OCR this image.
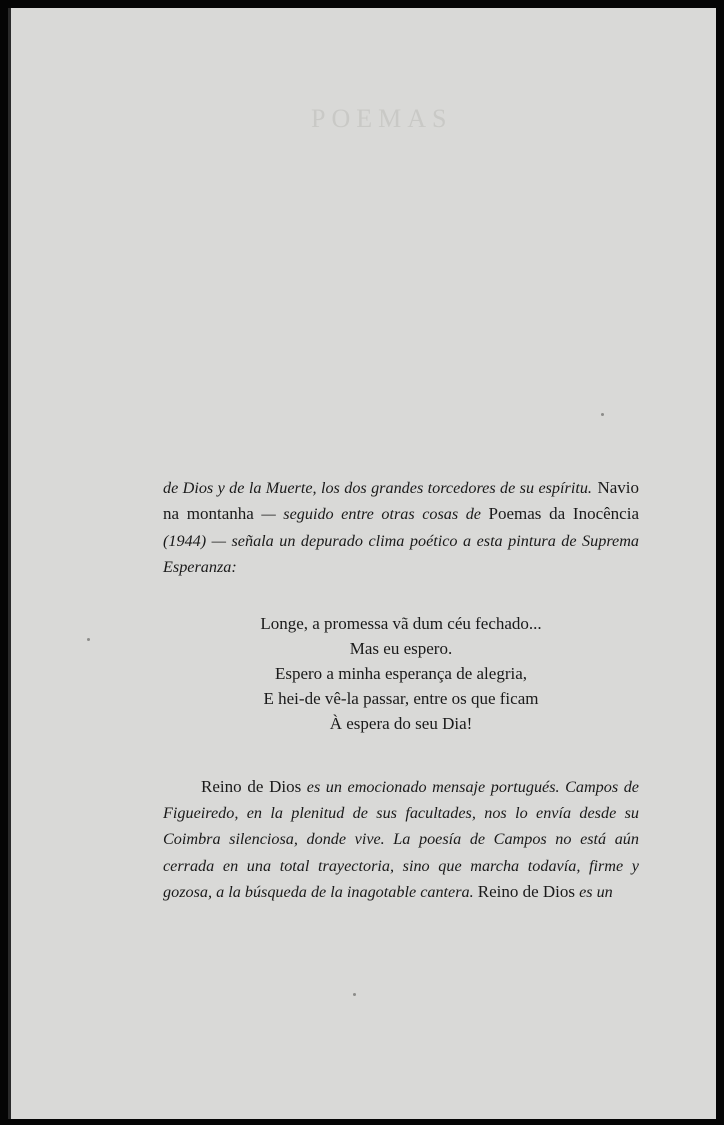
POEMAS

de Dios y de la Muerte, los dos grandes torcedores de su espíritu. Navio na montanha — seguido entre otras cosas de Poemas da Inocência (1944) — señala un depurado clima poético a esta pintura de Suprema Esperanza:

Longe, a promessa vã dum céu fechado...
Mas eu espero.
Espero a minha esperança de alegria,
E hei-de vê-la passar, entre os que ficam
À espera do seu Dia!

Reino de Dios es un emocionado mensaje portugués. Campos de Figueiredo, en la plenitud de sus facultades, nos lo envía desde su Coimbra silenciosa, donde vive. La poesía de Campos no está aún cerrada en una total trayectoria, sino que marcha todavía, firme y gozosa, a la búsqueda de la inagotable cantera. Reino de Dios es un
